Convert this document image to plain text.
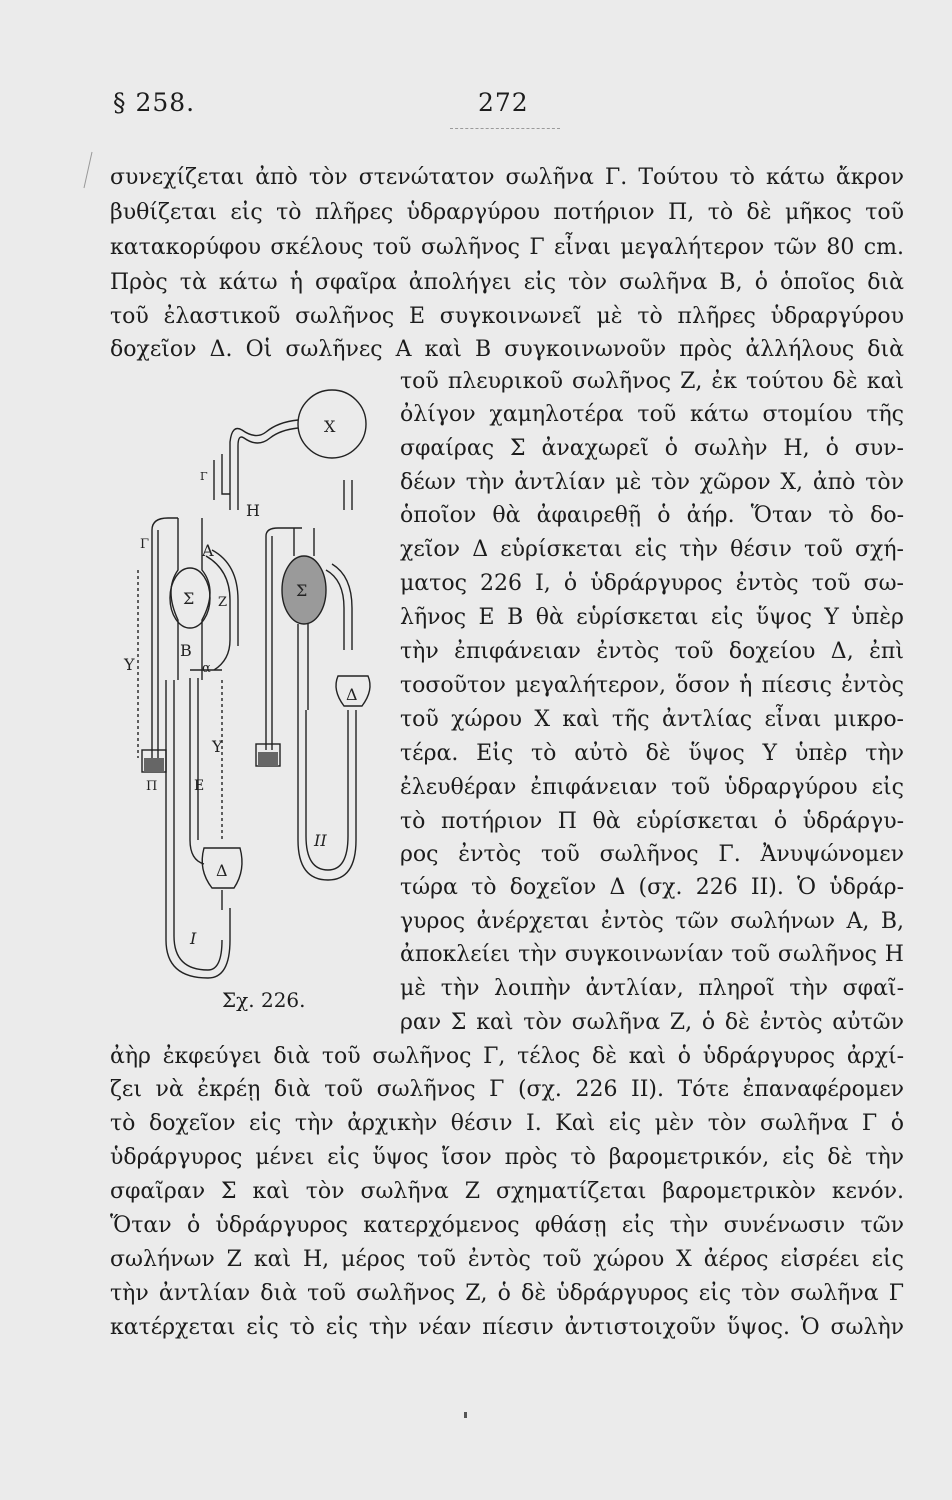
§ 258.	272
συνεχίζεται ἀπὸ τὸν στενώτατον σωλῆνα Γ. Τούτου τὸ κάτω ἄκρον
βυθίζεται εἰς τὸ πλῆρες ὑδραργύρου ποτήριον Π, τὸ δὲ μῆκος τοῦ
κατακορύφου σκέλους τοῦ σωλῆνος Γ εἶναι μεγαλήτερον τῶν 80 cm.
Πρὸς τὰ κάτω ἡ σφαῖρα ἀπολήγει εἰς τὸν σωλῆνα Β, ὁ ὁποῖος διὰ
τοῦ ἐλαστικοῦ σωλῆνος Ε συγκοινωνεῖ μὲ τὸ πλῆρες ὑδραργύρου
δοχεῖον Δ. Οἱ σωλῆνες Α καὶ Β συγκοινωνοῦν πρὸς ἀλλήλους διὰ
τοῦ πλευρικοῦ σωλῆνος Ζ, ἐκ τούτου δὲ καὶ
ὀλίγον χαμηλοτέρα τοῦ κάτω στομίου τῆς
σφαίρας Σ ἀναχωρεῖ ὁ σωλὴν Η, ὁ συν-
δέων τὴν ἀντλίαν μὲ τὸν χῶρον Χ, ἀπὸ τὸν
ὁποῖον θὰ ἀφαιρεθῇ ὁ ἀήρ. Ὅταν τὸ δο-
χεῖον Δ εὑρίσκεται εἰς τὴν θέσιν τοῦ σχή-
ματος 226 Ι, ὁ ὑδράργυρος ἐντὸς τοῦ σω-
λῆνος Ε Β θὰ εὑρίσκεται εἰς ὕψος Υ ὑπὲρ
τὴν ἐπιφάνειαν ἐντὸς τοῦ δοχείου Δ, ἐπὶ
τοσοῦτον μεγαλήτερον, ὅσον ἡ πίεσις ἐντὸς
τοῦ χώρου Χ καὶ τῆς ἀντλίας εἶναι μικρο-
τέρα. Εἰς τὸ αὐτὸ δὲ ὕψος Υ ὑπὲρ τὴν
ἐλευθέραν ἐπιφάνειαν τοῦ ὑδραργύρου εἰς
τὸ ποτήριον Π θὰ εὑρίσκεται ὁ ὑδράργυ-
ρος ἐντὸς τοῦ σωλῆνος Γ. Ἀνυψώνομεν
τώρα τὸ δοχεῖον Δ (σχ. 226 ΙΙ). Ὁ ὑδράρ-
γυρος ἀνέρχεται ἐντὸς τῶν σωλήνων Α, Β,
ἀποκλείει τὴν συγκοινωνίαν τοῦ σωλῆνος Η
μὲ τὴν λοιπὴν ἀντλίαν, πληροῖ τὴν σφαῖ-
ραν Σ καὶ τὸν σωλῆνα Ζ, ὁ δὲ ἐντὸς αὐτῶν
ἀὴρ ἐκφεύγει διὰ τοῦ σωλῆνος Γ, τέλος δὲ καὶ ὁ ὑδράργυρος ἀρχί-
ζει νὰ ἐκρέῃ διὰ τοῦ σωλῆνος Γ (σχ. 226 ΙΙ). Τότε ἐπαναφέρομεν
τὸ δοχεῖον εἰς τὴν ἀρχικὴν θέσιν Ι. Καὶ εἰς μὲν τὸν σωλῆνα Γ ὁ
ὑδράργυρος μένει εἰς ὕψος ἴσον πρὸς τὸ βαρομετρικόν, εἰς δὲ τὴν
σφαῖραν Σ καὶ τὸν σωλῆνα Ζ σχηματίζεται βαρομετρικὸν κενόν.
Ὅταν ὁ ὑδράργυρος κατερχόμενος φθάσῃ εἰς τὴν συνένωσιν τῶν
σωλήνων Ζ καὶ Η, μέρος τοῦ ἐντὸς τοῦ χώρου Χ ἀέρος εἰσρέει εἰς
τὴν ἀντλίαν διὰ τοῦ σωλῆνος Ζ, ὁ δὲ ὑδράργυρος εἰς τὸν σωλῆνα Γ
κατέρχεται εἰς τὸ εἰς τὴν νέαν πίεσιν ἀντιστοιχοῦν ὕψος. Ὁ σωλὴν
X
H
Γ
Γ
Π
Y
Σ
A
B
Z
α
Y
E
Δ
I
Σ
II
Δ
Σχ. 226.
